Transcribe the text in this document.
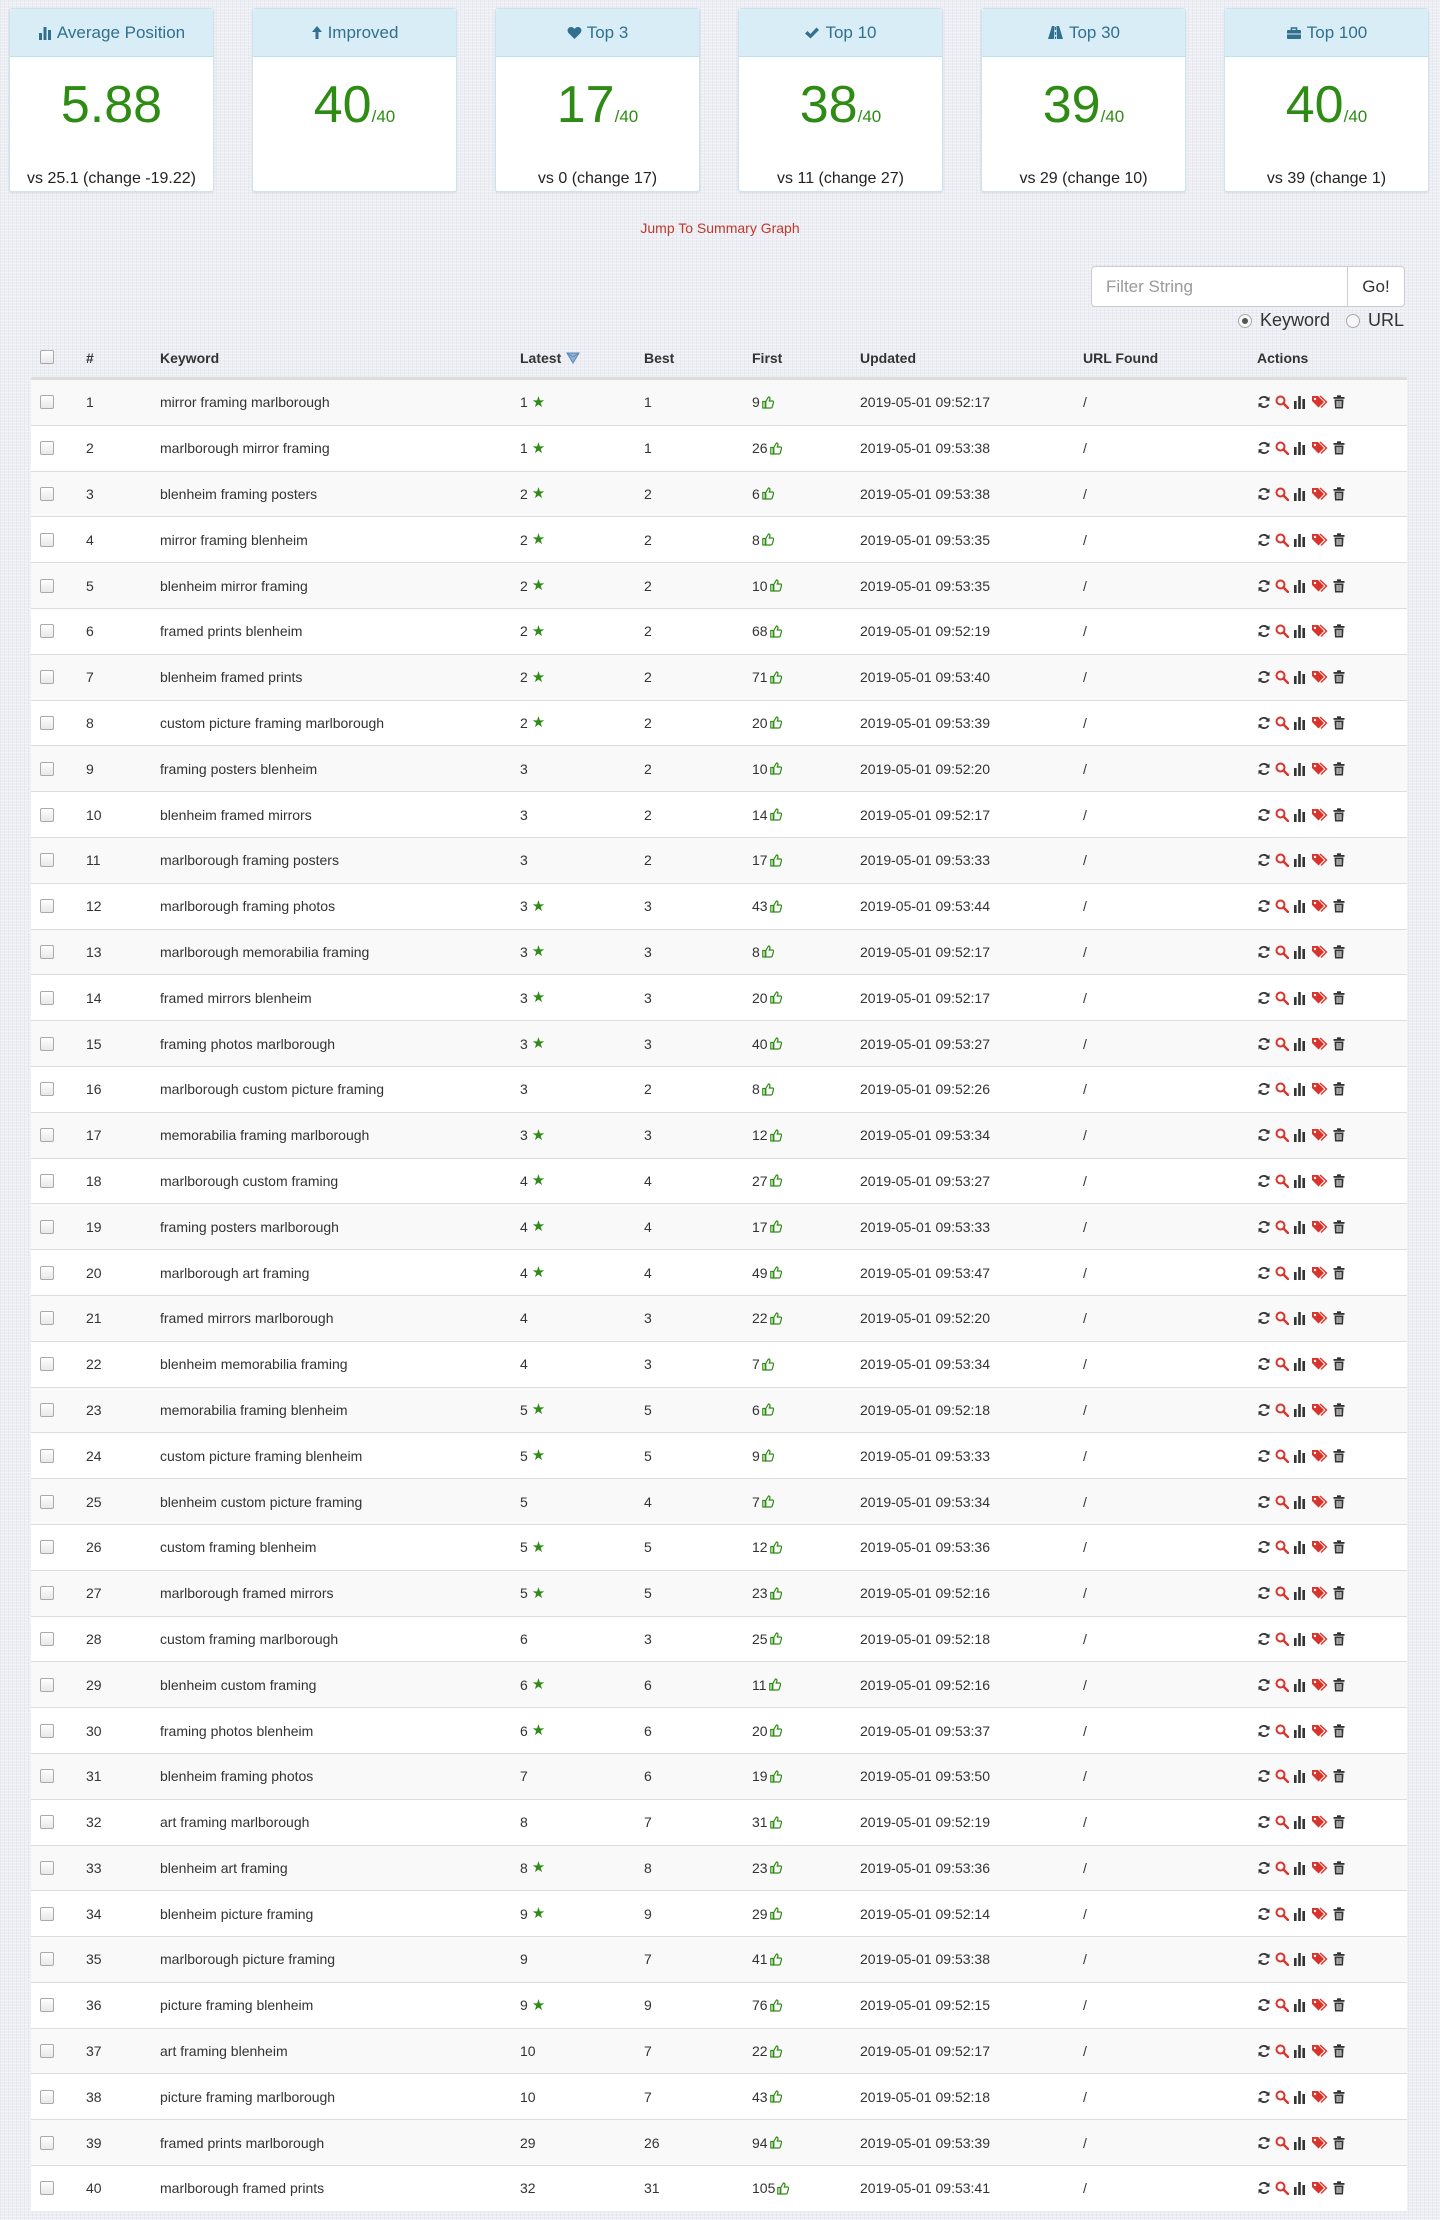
Average Position
5.88
vs 25.1 (change -19.22)
Improved
40/40
Top 3
17/40
vs 0 (change 17)
Top 10
38/40
vs 11 (change 27)
Top 30
39/40
vs 29 (change 10)
Top 100
40/40
vs 39 (change 1)
Jump To Summary Graph
Filter String
Go!
Keyword URL
#	Keyword	Latest	Best	First	Updated	URL Found	Actions
1	mirror framing marlborough	1 ★	1	9	2019-05-01 09:52:17	/
2	marlborough mirror framing	1 ★	1	26	2019-05-01 09:53:38	/
3	blenheim framing posters	2 ★	2	6	2019-05-01 09:53:38	/
4	mirror framing blenheim	2 ★	2	8	2019-05-01 09:53:35	/
5	blenheim mirror framing	2 ★	2	10	2019-05-01 09:53:35	/
6	framed prints blenheim	2 ★	2	68	2019-05-01 09:52:19	/
7	blenheim framed prints	2 ★	2	71	2019-05-01 09:53:40	/
8	custom picture framing marlborough	2 ★	2	20	2019-05-01 09:53:39	/
9	framing posters blenheim	3	2	10	2019-05-01 09:52:20	/
10	blenheim framed mirrors	3	2	14	2019-05-01 09:52:17	/
11	marlborough framing posters	3	2	17	2019-05-01 09:53:33	/
12	marlborough framing photos	3 ★	3	43	2019-05-01 09:53:44	/
13	marlborough memorabilia framing	3 ★	3	8	2019-05-01 09:52:17	/
14	framed mirrors blenheim	3 ★	3	20	2019-05-01 09:52:17	/
15	framing photos marlborough	3 ★	3	40	2019-05-01 09:53:27	/
16	marlborough custom picture framing	3	2	8	2019-05-01 09:52:26	/
17	memorabilia framing marlborough	3 ★	3	12	2019-05-01 09:53:34	/
18	marlborough custom framing	4 ★	4	27	2019-05-01 09:53:27	/
19	framing posters marlborough	4 ★	4	17	2019-05-01 09:53:33	/
20	marlborough art framing	4 ★	4	49	2019-05-01 09:53:47	/
21	framed mirrors marlborough	4	3	22	2019-05-01 09:52:20	/
22	blenheim memorabilia framing	4	3	7	2019-05-01 09:53:34	/
23	memorabilia framing blenheim	5 ★	5	6	2019-05-01 09:52:18	/
24	custom picture framing blenheim	5 ★	5	9	2019-05-01 09:53:33	/
25	blenheim custom picture framing	5	4	7	2019-05-01 09:53:34	/
26	custom framing blenheim	5 ★	5	12	2019-05-01 09:53:36	/
27	marlborough framed mirrors	5 ★	5	23	2019-05-01 09:52:16	/
28	custom framing marlborough	6	3	25	2019-05-01 09:52:18	/
29	blenheim custom framing	6 ★	6	11	2019-05-01 09:52:16	/
30	framing photos blenheim	6 ★	6	20	2019-05-01 09:53:37	/
31	blenheim framing photos	7	6	19	2019-05-01 09:53:50	/
32	art framing marlborough	8	7	31	2019-05-01 09:52:19	/
33	blenheim art framing	8 ★	8	23	2019-05-01 09:53:36	/
34	blenheim picture framing	9 ★	9	29	2019-05-01 09:52:14	/
35	marlborough picture framing	9	7	41	2019-05-01 09:53:38	/
36	picture framing blenheim	9 ★	9	76	2019-05-01 09:52:15	/
37	art framing blenheim	10	7	22	2019-05-01 09:52:17	/
38	picture framing marlborough	10	7	43	2019-05-01 09:52:18	/
39	framed prints marlborough	29	26	94	2019-05-01 09:53:39	/
40	marlborough framed prints	32	31	105	2019-05-01 09:53:41	/
